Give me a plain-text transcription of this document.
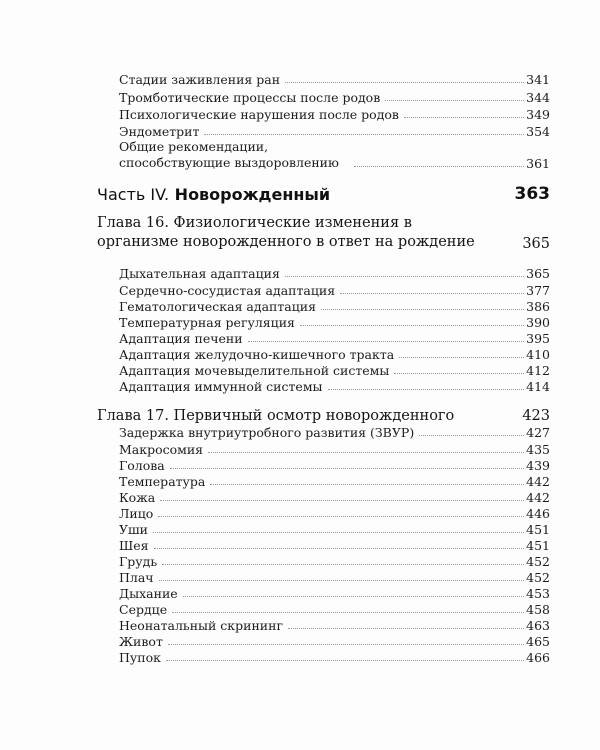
Стадии заживления ран	341
Тромботические процессы после родов	344
Психологические нарушения после родов	349
Эндометрит	354
Общие рекомендации, способствующие выздоровлению	361
Часть IV. Новорожденный	363
Глава 16. Физиологические изменения в организме новорожденного в ответ на рождение	365
Дыхательная адаптация	365
Сердечно-сосудистая адаптация	377
Гематологическая адаптация	386
Температурная регуляция	390
Адаптация печени	395
Адаптация желудочно-кишечного тракта	410
Адаптация мочевыделительной системы	412
Адаптация иммунной системы	414
Глава 17. Первичный осмотр новорожденного	423
Задержка внутриутробного развития (ЗВУР)	427
Макросомия	435
Голова	439
Температура	442
Кожа	442
Лицо	446
Уши	451
Шея	451
Грудь	452
Плач	452
Дыхание	453
Сердце	458
Неонатальный скрининг	463
Живот	465
Пупок	466
